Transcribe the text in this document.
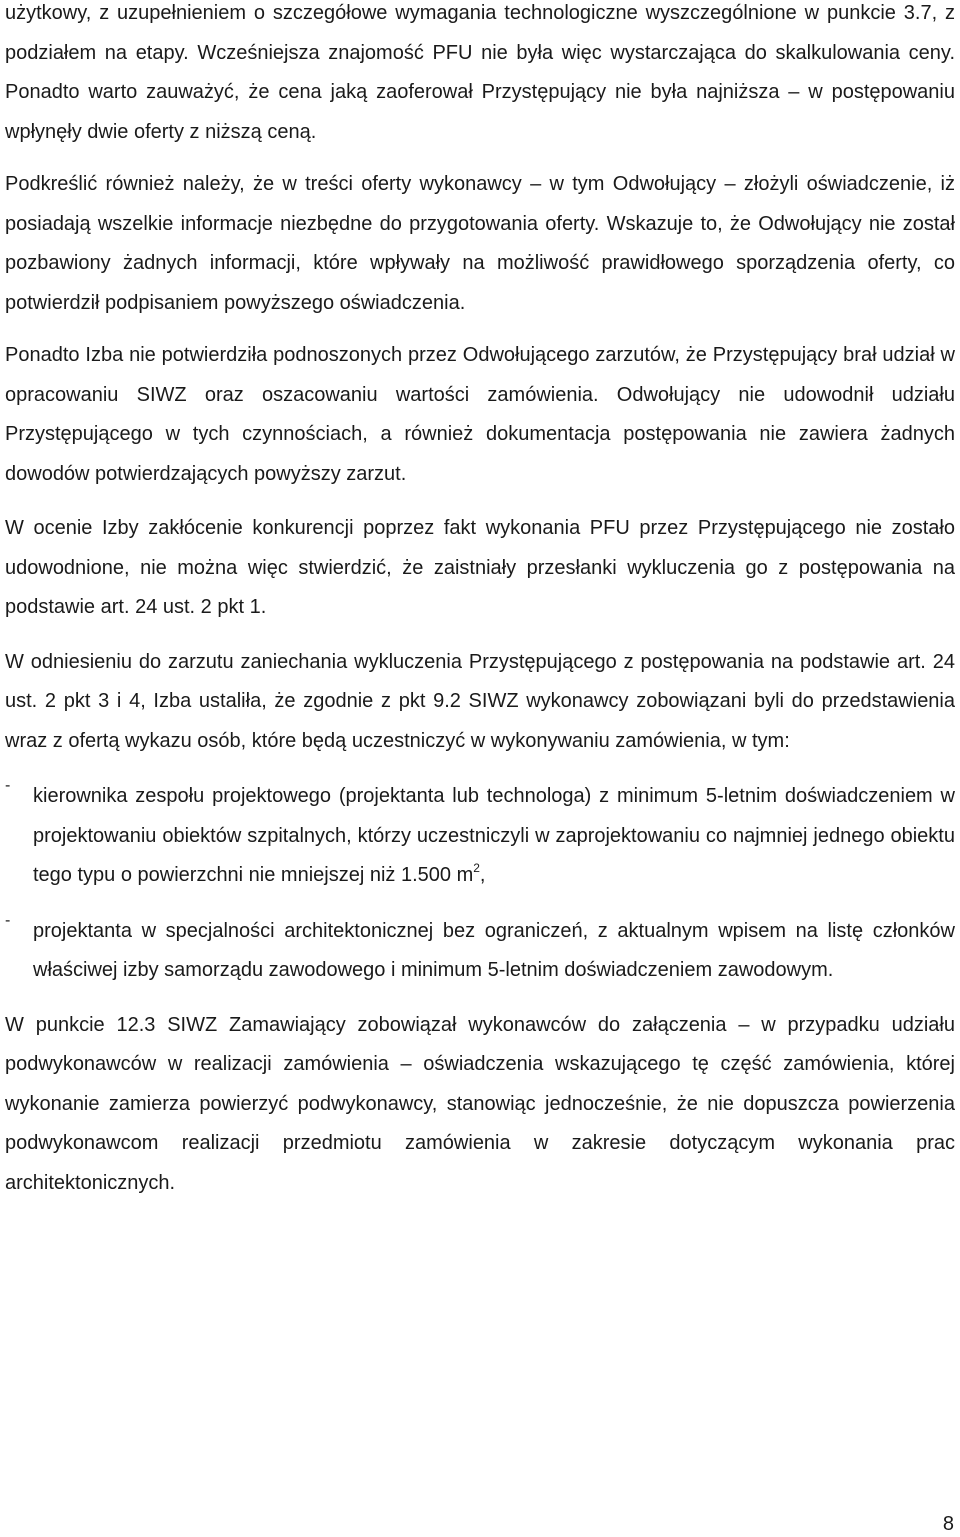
użytkowy, z uzupełnieniem o szczegółowe wymagania technologiczne wyszczególnione w punkcie 3.7, z podziałem na etapy. Wcześniejsza znajomość PFU nie była więc wystarczająca do skalkulowania ceny. Ponadto warto zauważyć, że cena jaką zaoferował Przystępujący nie była najniższa – w postępowaniu wpłynęły dwie oferty z niższą ceną.

Podkreślić również należy, że w treści oferty wykonawcy – w tym Odwołujący – złożyli oświadczenie, iż posiadają wszelkie informacje niezbędne do przygotowania oferty. Wskazuje to, że Odwołujący nie został pozbawiony żadnych informacji, które wpływały na możliwość prawidłowego sporządzenia oferty, co potwierdził podpisaniem powyższego oświadczenia.

Ponadto Izba nie potwierdziła podnoszonych przez Odwołującego zarzutów, że Przystępujący brał udział w opracowaniu SIWZ oraz oszacowaniu wartości zamówienia. Odwołujący nie udowodnił udziału Przystępującego w tych czynnościach, a również dokumentacja postępowania nie zawiera żadnych dowodów potwierdzających powyższy zarzut.

W ocenie Izby zakłócenie konkurencji poprzez fakt wykonania PFU przez Przystępującego nie zostało udowodnione, nie można więc stwierdzić, że zaistniały przesłanki wykluczenia go z postępowania na podstawie art. 24 ust. 2 pkt 1.

W odniesieniu do zarzutu zaniechania wykluczenia Przystępującego z postępowania na podstawie art. 24 ust. 2 pkt 3 i 4, Izba ustaliła, że zgodnie z pkt 9.2 SIWZ wykonawcy zobowiązani byli do przedstawienia wraz z ofertą wykazu osób, które będą uczestniczyć w wykonywaniu zamówienia, w tym:

- kierownika zespołu projektowego (projektanta lub technologa) z minimum 5-letnim doświadczeniem w projektowaniu obiektów szpitalnych, którzy uczestniczyli w zaprojektowaniu co najmniej jednego obiektu tego typu o powierzchni nie mniejszej niż 1.500 $m^2$,

- projektanta w specjalności architektonicznej bez ograniczeń, z aktualnym wpisem na listę członków właściwej izby samorządu zawodowego i minimum 5-letnim doświadczeniem zawodowym.

W punkcie 12.3 SIWZ Zamawiający zobowiązał wykonawców do załączenia – w przypadku udziału podwykonawców w realizacji zamówienia – oświadczenia wskazującego tę część zamówienia, której wykonanie zamierza powierzyć podwykonawcy, stanowiąc jednocześnie, że nie dopuszcza powierzenia podwykonawcom realizacji przedmiotu zamówienia w zakresie dotyczącym wykonania prac architektonicznych.

8
